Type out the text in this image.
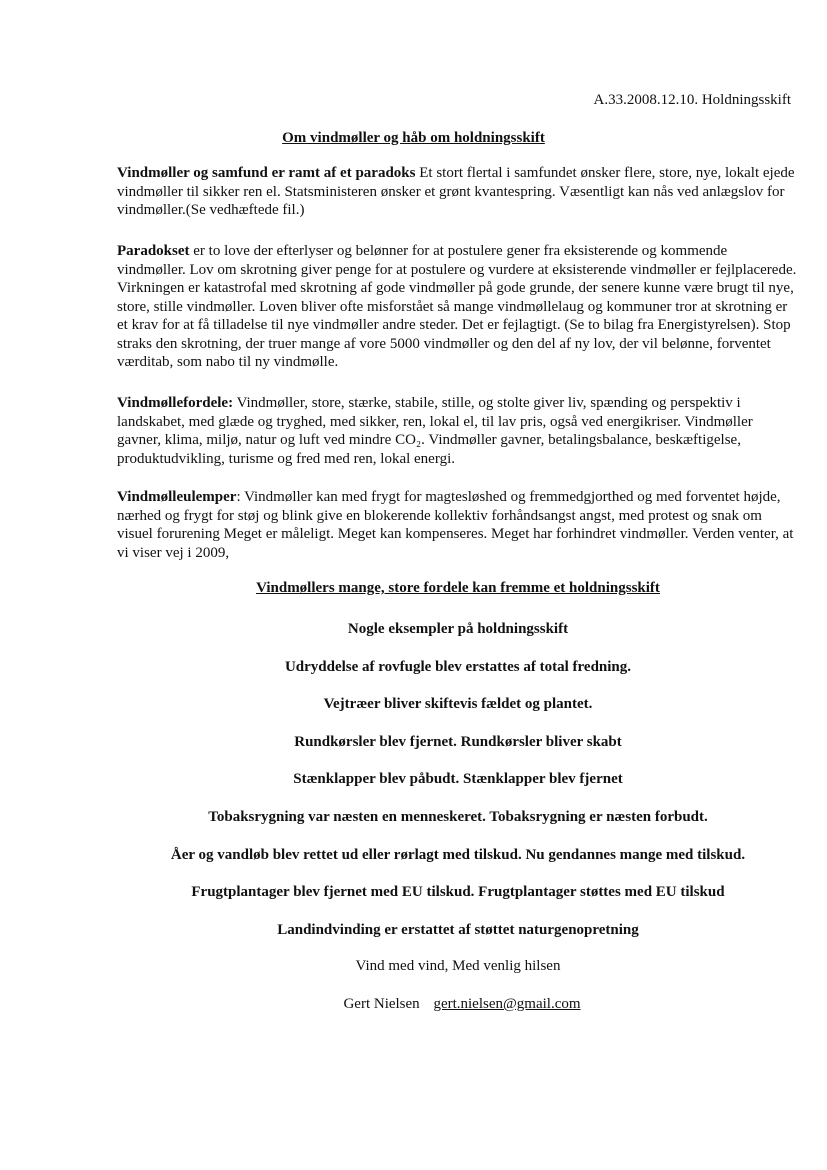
A.33.2008.12.10. Holdningsskift
Om vindmøller og håb om holdningsskift

Vindmøller og samfund er ramt af et paradoks Et stort flertal i samfundet ønsker flere, store, nye, lokalt ejede vindmøller til sikker ren el. Statsministeren ønsker et grønt kvantespring. Væsentligt kan nås ved anlægslov for vindmøller.(Se vedhæftede fil.)

Paradokset er to love der efterlyser og belønner for at postulere gener fra eksisterende og kommende vindmøller. Lov om skrotning giver penge for at postulere og vurdere at eksisterende vindmøller er fejlplacerede. Virkningen er katastrofal med skrotning af gode vindmøller på gode grunde, der senere kunne være brugt til nye, store, stille vindmøller. Loven bliver ofte misforstået så mange vindmøllelaug og kommuner tror at skrotning er et krav for at få tilladelse til nye vindmøller andre steder. Det er fejlagtigt. (Se to bilag fra Energistyrelsen). Stop straks den skrotning, der truer mange af vore 5000 vindmøller og den del af ny lov, der vil belønne, forventet værditab, som nabo til ny vindmølle.

Vindmøllefordele: Vindmøller, store, stærke, stabile, stille, og stolte giver liv, spænding og perspektiv i landskabet, med glæde og tryghed, med sikker, ren, lokal el, til lav pris, også ved energikriser. Vindmøller gavner, klima, miljø, natur og luft ved mindre CO₂. Vindmøller gavner, betalingsbalance, beskæftigelse, produktudvikling, turisme og fred med ren, lokal energi.

Vindmølleulemper: Vindmøller kan med frygt for magtesløshed og fremmedgjorthed og med forventet højde, nærhed og frygt for støj og blink give en blokerende kollektiv forhåndsangst angst, med protest og snak om visuel forurening Meget er måleligt. Meget kan kompenseres. Meget har forhindret vindmøller. Verden venter, at vi viser vej i 2009,

Vindmøllers mange, store fordele kan fremme et holdningsskift
Nogle eksempler på holdningsskift
Udryddelse af rovfugle blev erstattes af total fredning.
Vejtræer bliver skiftevis fældet og plantet.
Rundkørsler blev fjernet. Rundkørsler bliver skabt
Stænklapper blev påbudt. Stænklapper blev fjernet
Tobaksrygning var næsten en menneskeret. Tobaksrygning er næsten forbudt.
Åer og vandløb blev rettet ud eller rørlagt med tilskud. Nu gendannes mange med tilskud.
Frugtplantager blev fjernet med EU tilskud. Frugtplantager støttes med EU tilskud
Landindvinding er erstattet af støttet naturgenopretning
Vind med vind, Med venlig hilsen
Gert Nielsen gert.nielsen@gmail.com
